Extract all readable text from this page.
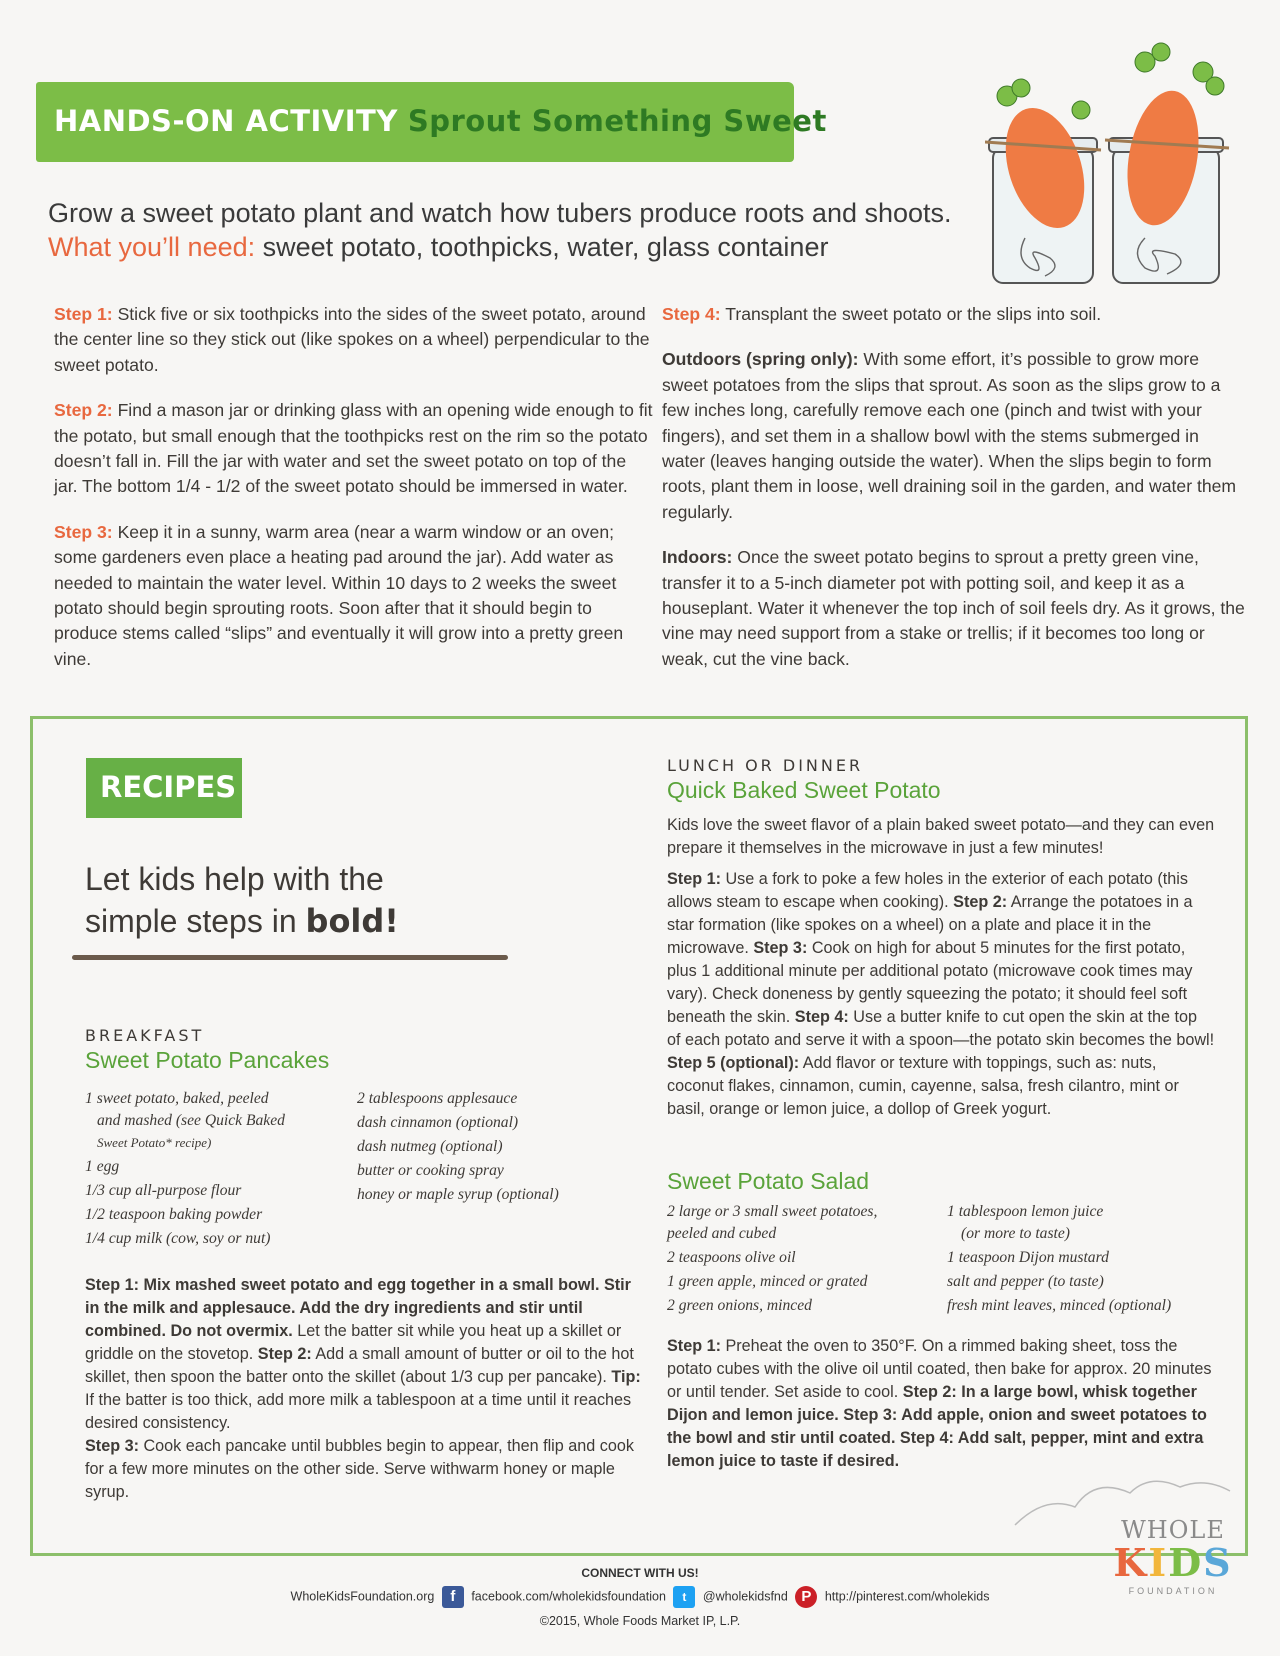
HANDS-ON ACTIVITY Sprout Something Sweet
Grow a sweet potato plant and watch how tubers produce roots and shoots.
What you’ll need: sweet potato, toothpicks, water, glass container

Step 1: Stick five or six toothpicks into the sides of the sweet potato, around the center line so they stick out (like spokes on a wheel) perpendicular to the sweet potato.

Step 2: Find a mason jar or drinking glass with an opening wide enough to fit the potato, but small enough that the toothpicks rest on the rim so the potato doesn’t fall in. Fill the jar with water and set the sweet potato on top of the jar. The bottom 1/4 - 1/2 of the sweet potato should be immersed in water.

Step 3: Keep it in a sunny, warm area (near a warm window or an oven; some gardeners even place a heating pad around the jar). Add water as needed to maintain the water level. Within 10 days to 2 weeks the sweet potato should begin sprouting roots. Soon after that it should begin to produce stems called “slips” and eventually it will grow into a pretty green vine.

Step 4: Transplant the sweet potato or the slips into soil.

Outdoors (spring only): With some effort, it’s possible to grow more sweet potatoes from the slips that sprout. As soon as the slips grow to a few inches long, carefully remove each one (pinch and twist with your fingers), and set them in a shallow bowl with the stems submerged in water (leaves hanging outside the water). When the slips begin to form roots, plant them in loose, well draining soil in the garden, and water them regularly.

Indoors: Once the sweet potato begins to sprout a pretty green vine, transfer it to a 5-inch diameter pot with potting soil, and keep it as a houseplant. Water it whenever the top inch of soil feels dry. As it grows, the vine may need support from a stake or trellis; if it becomes too long or weak, cut the vine back.

RECIPES
Let kids help with the
simple steps in bold!
BREAKFAST
Sweet Potato Pancakes
1 sweet potato, baked, peeled
and mashed (see Quick Baked
Sweet Potato* recipe)
1 egg
1/3 cup all-purpose flour
1/2 teaspoon baking powder
1/4 cup milk (cow, soy or nut)
2 tablespoons applesauce
dash cinnamon (optional)
dash nutmeg (optional)
butter or cooking spray
honey or maple syrup (optional)

Step 1: Mix mashed sweet potato and egg together in a small bowl. Stir in the milk and applesauce. Add the dry ingredients and stir until combined. Do not overmix. Let the batter sit while you heat up a skillet or griddle on the stovetop. Step 2: Add a small amount of butter or oil to the hot skillet, then spoon the batter onto the skillet (about 1/3 cup per pancake). Tip: If the batter is too thick, add more milk a tablespoon at a time until it reaches desired consistency.
Step 3: Cook each pancake until bubbles begin to appear, then flip and cook for a few more minutes on the other side. Serve withwarm honey or maple syrup.

LUNCH OR DINNER
Quick Baked Sweet Potato

Kids love the sweet flavor of a plain baked sweet potato—and they can even prepare it themselves in the microwave in just a few minutes!

Step 1: Use a fork to poke a few holes in the exterior of each potato (this allows steam to escape when cooking). Step 2: Arrange the potatoes in a star formation (like spokes on a wheel) on a plate and place it in the microwave. Step 3: Cook on high for about 5 minutes for the first potato, plus 1 additional minute per additional potato (microwave cook times may vary). Check doneness by gently squeezing the potato; it should feel soft beneath the skin. Step 4: Use a butter knife to cut open the skin at the top of each potato and serve it with a spoon—the potato skin becomes the bowl!
Step 5 (optional): Add flavor or texture with toppings, such as: nuts, coconut flakes, cinnamon, cumin, cayenne, salsa, fresh cilantro, mint or basil, orange or lemon juice, a dollop of Greek yogurt.

Sweet Potato Salad
2 large or 3 small sweet potatoes,
peeled and cubed
2 teaspoons olive oil
1 green apple, minced or grated
2 green onions, minced
1 tablespoon lemon juice
(or more to taste)
1 teaspoon Dijon mustard
salt and pepper (to taste)
fresh mint leaves, minced (optional)

Step 1: Preheat the oven to 350°F. On a rimmed baking sheet, toss the potato cubes with the olive oil until coated, then bake for approx. 20 minutes or until tender. Set aside to cool. Step 2: In a large bowl, whisk together Dijon and lemon juice. Step 3: Add apple, onion and sweet potatoes to the bowl and stir until coated. Step 4: Add salt, pepper, mint and extra lemon juice to taste if desired.

WHOLE
KIDS
FOUNDATION
CONNECT WITH US!
WholeKidsFoundation.org f facebook.com/wholekidsfoundation t @wholekidsfnd P http://pinterest.com/wholekids
©2015, Whole Foods Market IP, L.P.
